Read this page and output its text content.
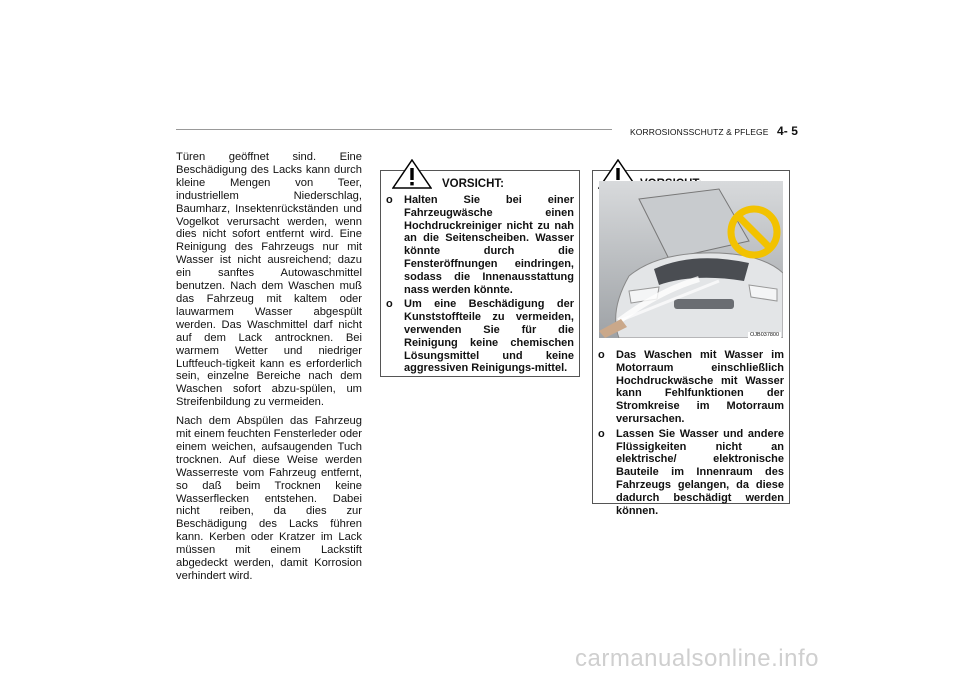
KORROSIONSSCHUTZ & PFLEGE 4- 5

Türen geöffnet sind. Eine Beschädigung des Lacks kann durch kleine Mengen von Teer, industriellem Niederschlag, Baumharz, Insektenrückständen und Vogelkot verursacht werden, wenn dies nicht sofort entfernt wird. Eine Reinigung des Fahrzeugs nur mit Wasser ist nicht ausreichend; dazu ein sanftes Autowaschmittel benutzen. Nach dem Waschen muß das Fahrzeug mit kaltem oder lauwarmem Wasser abgespült werden. Das Waschmittel darf nicht auf dem Lack antrocknen. Bei warmem Wetter und niedriger Luftfeuch-tigkeit kann es erforderlich sein, einzelne Bereiche nach dem Waschen sofort abzu-spülen, um Streifenbildung zu vermeiden.

Nach dem Abspülen das Fahrzeug mit einem feuchten Fensterleder oder einem weichen, aufsaugenden Tuch trocknen. Auf diese Weise werden Wasserreste vom Fahrzeug entfernt, so daß beim Trocknen keine Wasserflecken entstehen. Dabei nicht reiben, da dies zur Beschädigung des Lacks führen kann. Kerben oder Kratzer im Lack müssen mit einem Lackstift abgedeckt werden, damit Korrosion verhindert wird.

VORSICHT:
o Halten Sie bei einer Fahrzeugwäsche einen Hochdruckreiniger nicht zu nah an die Seitenscheiben. Wasser könnte durch die Fensteröffnungen eindringen, sodass die Innenausstattung nass werden könnte.
o Um eine Beschädigung der Kunststoffteile zu vermeiden, verwenden Sie für die Reinigung keine chemischen Lösungsmittel und keine aggressiven Reinigungs-mittel.
OJB037800
o Das Waschen mit Wasser im Motorraum einschließlich Hochdruckwäsche mit Wasser kann Fehlfunktionen der Stromkreise im Motorraum verursachen.
o Lassen Sie Wasser und andere Flüssigkeiten nicht an elektrische/ elektronische Bauteile im Innenraum des Fahrzeugs gelangen, da diese dadurch beschädigt werden können.
carmanualsonline.info
